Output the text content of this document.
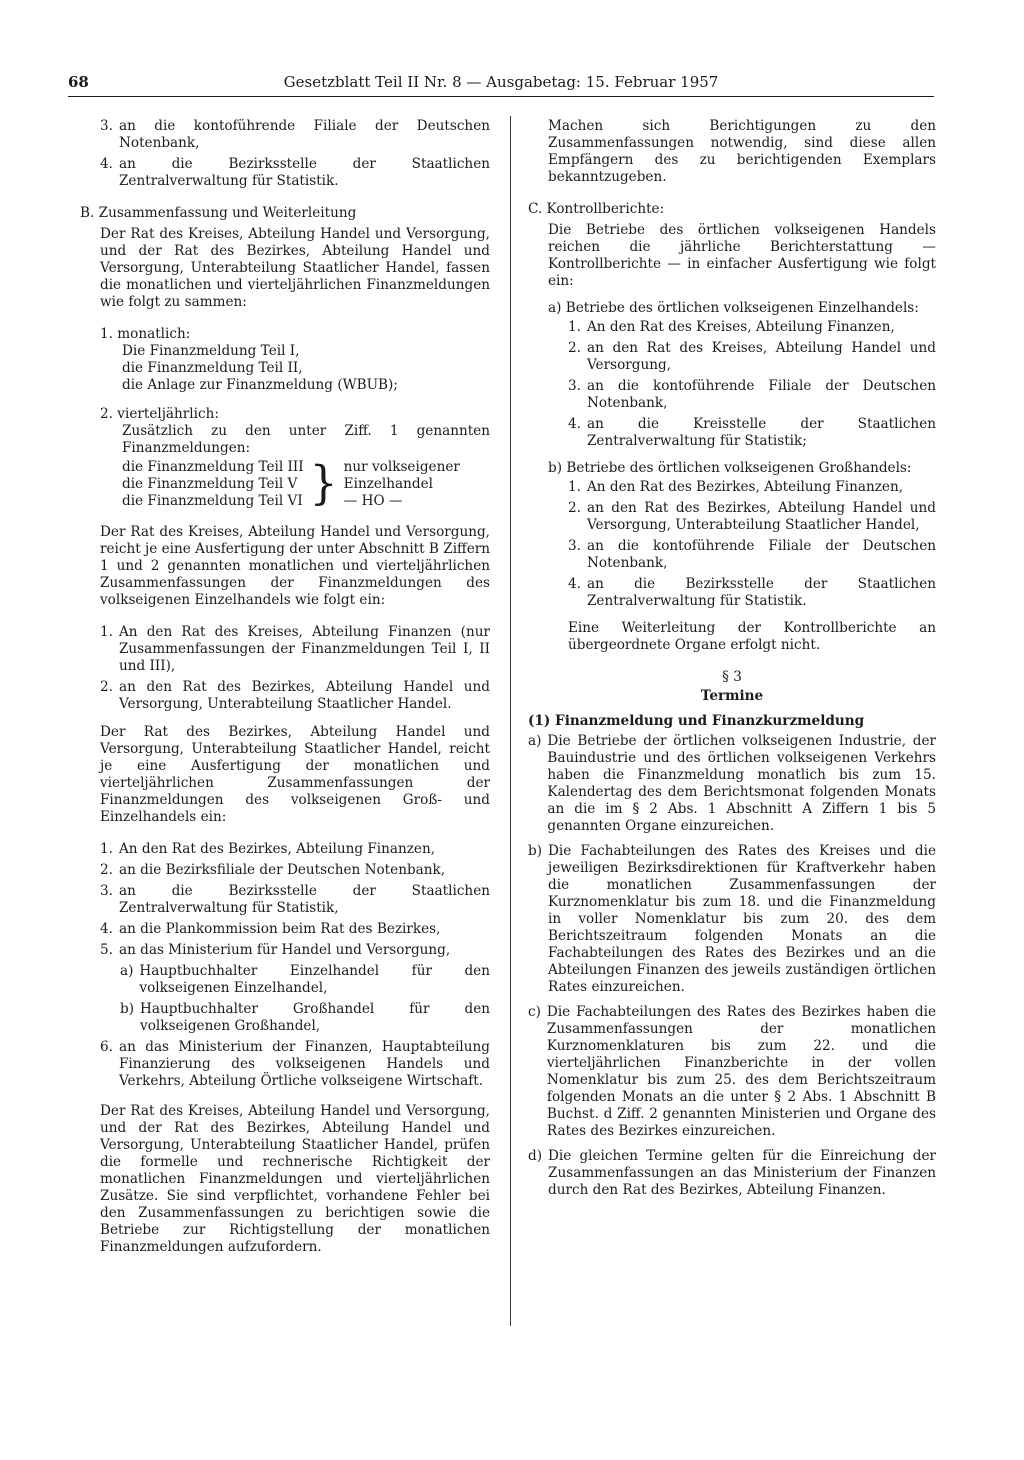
68	Gesetzblatt Teil II Nr. 8 — Ausgabetag: 15. Februar 1957
3. an die kontoführende Filiale der Deutschen Notenbank,
4. an die Bezirksstelle der Staatlichen Zentralverwaltung für Statistik.
B. Zusammenfassung und Weiterleitung

Der Rat des Kreises, Abteilung Handel und Versorgung, und der Rat des Bezirkes, Abteilung Handel und Versorgung, Unterabteilung Staatlicher Handel, fassen die monatlichen und vierteljährlichen Finanzmeldungen wie folgt zu sammen:

1. monatlich:
Die Finanzmeldung Teil I,
die Finanzmeldung Teil II,
die Anlage zur Finanzmeldung (WBUB);
2. vierteljährlich:

Zusätzlich zu den unter Ziff. 1 genannten Finanzmeldungen:

die Finanzmeldung Teil III
die Finanzmeldung Teil V
die Finanzmeldung Teil VI } nur volkseigener
Einzelhandel
— HO —

Der Rat des Kreises, Abteilung Handel und Versorgung, reicht je eine Ausfertigung der unter Abschnitt B Ziffern 1 und 2 genannten monatlichen und vierteljährlichen Zusammenfassungen der Finanzmeldungen des volkseigenen Einzelhandels wie folgt ein:

1. An den Rat des Kreises, Abteilung Finanzen (nur Zusammenfassungen der Finanzmeldungen Teil I, II und III),
2. an den Rat des Bezirkes, Abteilung Handel und Versorgung, Unterabteilung Staatlicher Handel.

Der Rat des Bezirkes, Abteilung Handel und Versorgung, Unterabteilung Staatlicher Handel, reicht je eine Ausfertigung der monatlichen und vierteljährlichen Zusammenfassungen der Finanzmeldungen des volkseigenen Groß- und Einzelhandels ein:

1. An den Rat des Bezirkes, Abteilung Finanzen,
2. an die Bezirksfiliale der Deutschen Notenbank,
3. an die Bezirksstelle der Staatlichen Zentralverwaltung für Statistik,
4. an die Plankommission beim Rat des Bezirkes,
5. an das Ministerium für Handel und Versorgung,
a) Hauptbuchhalter Einzelhandel für den volkseigenen Einzelhandel,
b) Hauptbuchhalter Großhandel für den volkseigenen Großhandel,
6. an das Ministerium der Finanzen, Hauptabteilung Finanzierung des volkseigenen Handels und Verkehrs, Abteilung Örtliche volkseigene Wirtschaft.

Der Rat des Kreises, Abteilung Handel und Versorgung, und der Rat des Bezirkes, Abteilung Handel und Versorgung, Unterabteilung Staatlicher Handel, prüfen die formelle und rechnerische Richtigkeit der monatlichen Finanzmeldungen und vierteljährlichen Zusätze. Sie sind verpflichtet, vorhandene Fehler bei den Zusammenfassungen zu berichtigen sowie die Betriebe zur Richtigstellung der monatlichen Finanzmeldungen aufzufordern.

Machen sich Berichtigungen zu den Zusammenfassungen notwendig, sind diese allen Empfängern des zu berichtigenden Exemplars bekanntzugeben.

C. Kontrollberichte:

Die Betriebe des örtlichen volkseigenen Handels reichen die jährliche Berichterstattung — Kontrollberichte — in einfacher Ausfertigung wie folgt ein:

a) Betriebe des örtlichen volkseigenen Einzelhandels:
1. An den Rat des Kreises, Abteilung Finanzen,
2. an den Rat des Kreises, Abteilung Handel und Versorgung,
3. an die kontoführende Filiale der Deutschen Notenbank,
4. an die Kreisstelle der Staatlichen Zentralverwaltung für Statistik;
b) Betriebe des örtlichen volkseigenen Großhandels:
1. An den Rat des Bezirkes, Abteilung Finanzen,
2. an den Rat des Bezirkes, Abteilung Handel und Versorgung, Unterabteilung Staatlicher Handel,
3. an die kontoführende Filiale der Deutschen Notenbank,
4. an die Bezirksstelle der Staatlichen Zentralverwaltung für Statistik.

Eine Weiterleitung der Kontrollberichte an übergeordnete Organe erfolgt nicht.

§ 3
Termine
(1) Finanzmeldung und Finanzkurzmeldung
a) Die Betriebe der örtlichen volkseigenen Industrie, der Bauindustrie und des örtlichen volkseigenen Verkehrs haben die Finanzmeldung monatlich bis zum 15. Kalendertag des dem Berichtsmonat folgenden Monats an die im § 2 Abs. 1 Abschnitt A Ziffern 1 bis 5 genannten Organe einzureichen.
b) Die Fachabteilungen des Rates des Kreises und die jeweiligen Bezirksdirektionen für Kraftverkehr haben die monatlichen Zusammenfassungen der Kurznomenklatur bis zum 18. und die Finanzmeldung in voller Nomenklatur bis zum 20. des dem Berichtszeitraum folgenden Monats an die Fachabteilungen des Rates des Bezirkes und an die Abteilungen Finanzen des jeweils zuständigen örtlichen Rates einzureichen.
c) Die Fachabteilungen des Rates des Bezirkes haben die Zusammenfassungen der monatlichen Kurznomenklaturen bis zum 22. und die vierteljährlichen Finanzberichte in der vollen Nomenklatur bis zum 25. des dem Berichtszeitraum folgenden Monats an die unter § 2 Abs. 1 Abschnitt B Buchst. d Ziff. 2 genannten Ministerien und Organe des Rates des Bezirkes einzureichen.
d) Die gleichen Termine gelten für die Einreichung der Zusammenfassungen an das Ministerium der Finanzen durch den Rat des Bezirkes, Abteilung Finanzen.
